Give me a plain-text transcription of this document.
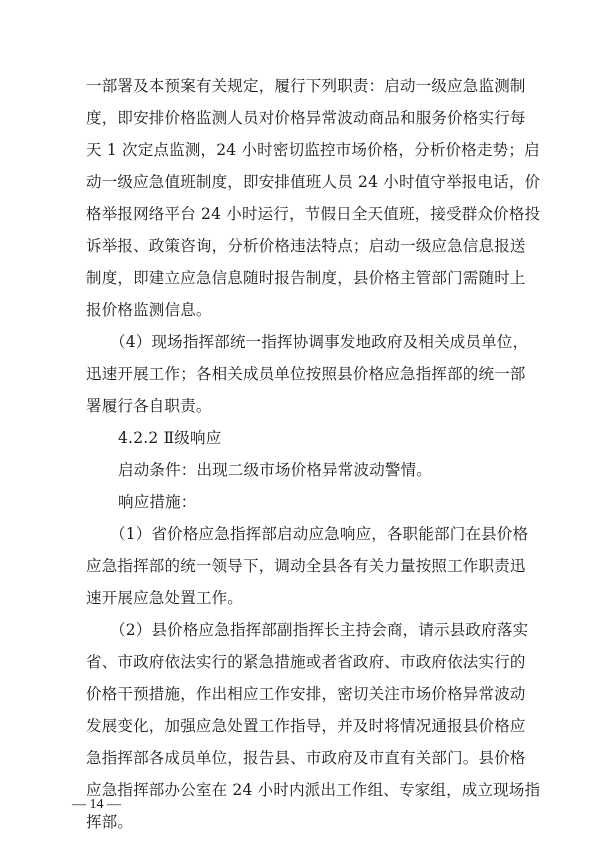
一部署及本预案有关规定，履行下列职责：启动一级应急监测制
度，即安排价格监测人员对价格异常波动商品和服务价格实行每
天 1 次定点监测，24 小时密切监控市场价格，分析价格走势；启
动一级应急值班制度，即安排值班人员 24 小时值守举报电话，价
格举报网络平台 24 小时运行，节假日全天值班，接受群众价格投
诉举报、政策咨询，分析价格违法特点；启动一级应急信息报送
制度，即建立应急信息随时报告制度，县价格主管部门需随时上
报价格监测信息。
（4）现场指挥部统一指挥协调事发地政府及相关成员单位，
迅速开展工作；各相关成员单位按照县价格应急指挥部的统一部
署履行各自职责。
4.2.2 Ⅱ级响应
启动条件：出现二级市场价格异常波动警情。
响应措施：
（1）省价格应急指挥部启动应急响应，各职能部门在县价格
应急指挥部的统一领导下，调动全县各有关力量按照工作职责迅
速开展应急处置工作。
（2）县价格应急指挥部副指挥长主持会商，请示县政府落实
省、市政府依法实行的紧急措施或者省政府、市政府依法实行的
价格干预措施，作出相应工作安排，密切关注市场价格异常波动
发展变化，加强应急处置工作指导，并及时将情况通报县价格应
急指挥部各成员单位，报告县、市政府及市直有关部门。县价格
应急指挥部办公室在 24 小时内派出工作组、专家组，成立现场指
挥部。
— 14 —
